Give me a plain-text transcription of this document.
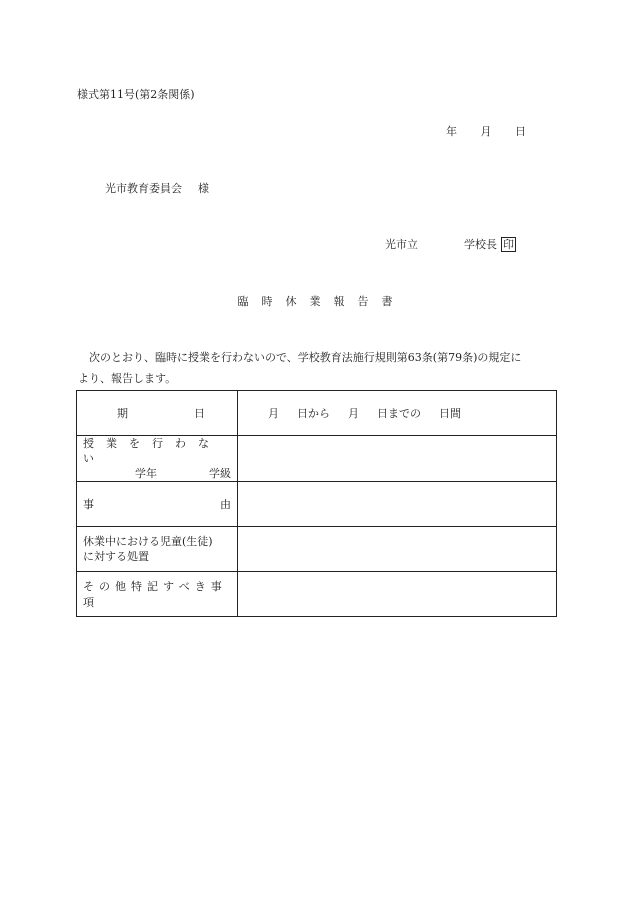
様式第11号(第2条関係)
年 月 日
光市教育委員会 様
光市立	学校長 印
臨時休業報告書
次のとおり、臨時に授業を行わないので、学校教育法施行規則第63条(第79条)の規定に
より、報告します。
期 日	月 日から 月 日までの 日間

授業を行わない
学年 学級	

事 由	

休業中における児童(生徒)
に対する処置	

その他特記すべき事項	
